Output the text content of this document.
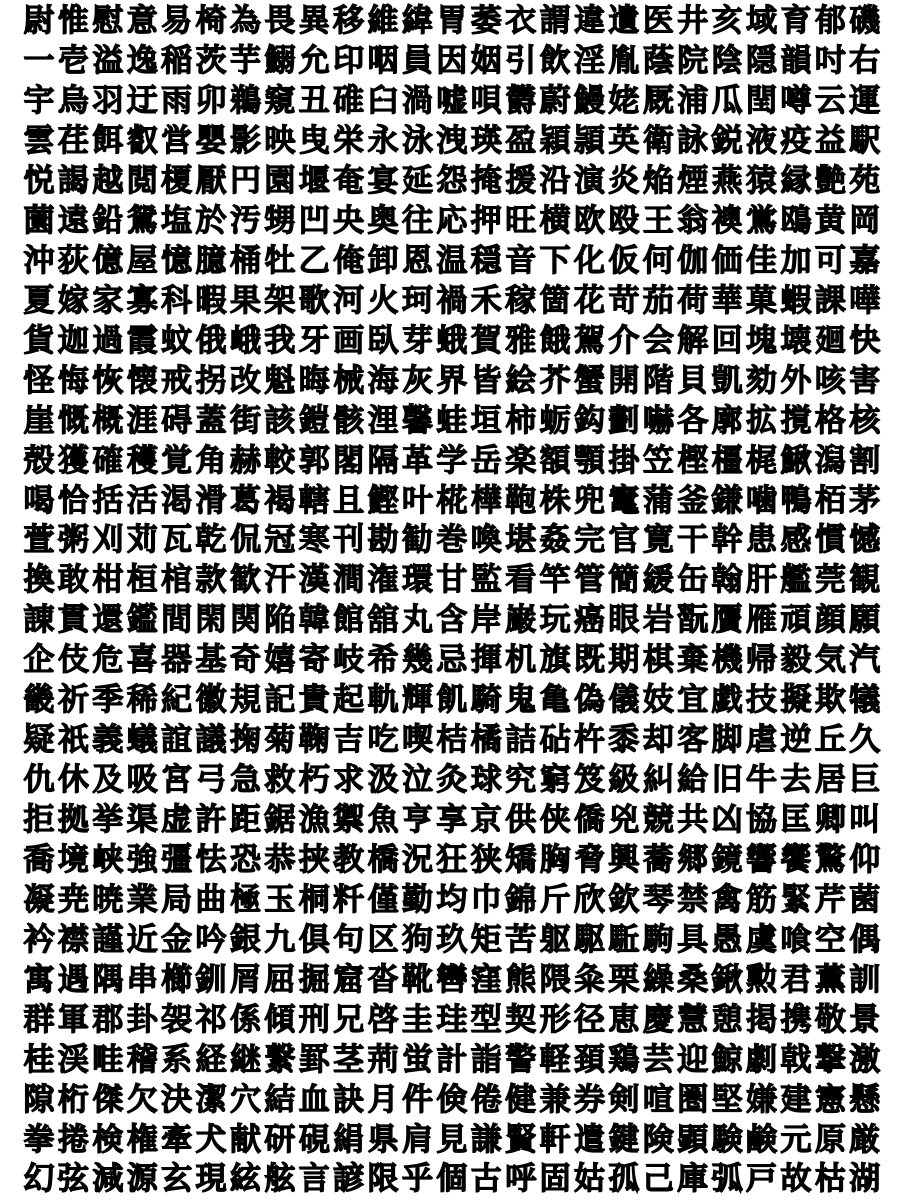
尉 惟 慰 意 易 椅 為 畏 異 移 維 緯 胃 萎 衣 謂 違 遺 医 井 亥 域 育 郁 磯
一 壱 溢 逸 稲 茨 芋 鰯 允 印 咽 員 因 姻 引 飲 淫 胤 蔭 院 陰 隠 韻 吋 右
宇 烏 羽 迂 雨 卯 鵜 窺 丑 碓 臼 渦 嘘 唄 欝 蔚 鰻 姥 厩 浦 瓜 閏 噂 云 運
雲 荏 餌 叡 営 嬰 影 映 曳 栄 永 泳 洩 瑛 盈 穎 頴 英 衛 詠 鋭 液 疫 益 駅
悦 謁 越 閲 榎 厭 円 園 堰 奄 宴 延 怨 掩 援 沿 演 炎 焔 煙 燕 猿 縁 艶 苑
薗 遠 鉛 鴛 塩 於 汚 甥 凹 央 奥 往 応 押 旺 横 欧 殴 王 翁 襖 鴬 鴎 黄 岡
沖 荻 億 屋 憶 臆 桶 牡 乙 俺 卸 恩 温 穏 音 下 化 仮 何 伽 価 佳 加 可 嘉
夏 嫁 家 寡 科 暇 果 架 歌 河 火 珂 禍 禾 稼 箇 花 苛 茄 荷 華 菓 蝦 課 嘩
貨 迦 過 霞 蚊 俄 峨 我 牙 画 臥 芽 蛾 賀 雅 餓 駕 介 会 解 回 塊 壊 廻 快
怪 悔 恢 懐 戒 拐 改 魁 晦 械 海 灰 界 皆 絵 芥 蟹 開 階 貝 凱 劾 外 咳 害
崖 慨 概 涯 碍 蓋 街 該 鎧 骸 浬 馨 蛙 垣 柿 蛎 鈎 劃 嚇 各 廓 拡 撹 格 核
殻 獲 確 穫 覚 角 赫 較 郭 閣 隔 革 学 岳 楽 額 顎 掛 笠 樫 橿 梶 鰍 潟 割
喝 恰 括 活 渇 滑 葛 褐 轄 且 鰹 叶 椛 樺 鞄 株 兜 竃 蒲 釜 鎌 噛 鴨 栢 茅
萱 粥 刈 苅 瓦 乾 侃 冠 寒 刊 勘 勧 巻 喚 堪 姦 完 官 寛 干 幹 患 感 慣 憾
換 敢 柑 桓 棺 款 歓 汗 漢 澗 潅 環 甘 監 看 竿 管 簡 緩 缶 翰 肝 艦 莞 観
諌 貫 還 鑑 間 閑 関 陥 韓 館 舘 丸 含 岸 巌 玩 癌 眼 岩 翫 贋 雁 頑 顔 願
企 伎 危 喜 器 基 奇 嬉 寄 岐 希 幾 忌 揮 机 旗 既 期 棋 棄 機 帰 毅 気 汽
畿 祈 季 稀 紀 徽 規 記 貴 起 軌 輝 飢 騎 鬼 亀 偽 儀 妓 宜 戯 技 擬 欺 犠
疑 祇 義 蟻 誼 議 掬 菊 鞠 吉 吃 喫 桔 橘 詰 砧 杵 黍 却 客 脚 虐 逆 丘 久
仇 休 及 吸 宮 弓 急 救 朽 求 汲 泣 灸 球 究 窮 笈 級 糾 給 旧 牛 去 居 巨
拒 拠 挙 渠 虚 許 距 鋸 漁 禦 魚 亨 享 京 供 侠 僑 兇 競 共 凶 協 匡 卿 叫
喬 境 峡 強 彊 怯 恐 恭 挟 教 橋 況 狂 狭 矯 胸 脅 興 蕎 郷 鏡 響 饗 驚 仰
凝 尭 暁 業 局 曲 極 玉 桐 粁 僅 勤 均 巾 錦 斤 欣 欽 琴 禁 禽 筋 緊 芹 菌
衿 襟 謹 近 金 吟 銀 九 倶 句 区 狗 玖 矩 苦 躯 駆 駈 駒 具 愚 虞 喰 空 偶
寓 遇 隅 串 櫛 釧 屑 屈 掘 窟 沓 靴 轡 窪 熊 隈 粂 栗 繰 桑 鍬 勲 君 薫 訓
群 軍 郡 卦 袈 祁 係 傾 刑 兄 啓 圭 珪 型 契 形 径 恵 慶 慧 憩 掲 携 敬 景
桂 渓 畦 稽 系 経 継 繋 罫 茎 荊 蛍 計 詣 警 軽 頚 鶏 芸 迎 鯨 劇 戟 撃 激
隙 桁 傑 欠 決 潔 穴 結 血 訣 月 件 倹 倦 健 兼 券 剣 喧 圏 堅 嫌 建 憲 懸
拳 捲 検 権 牽 犬 献 研 硯 絹 県 肩 見 謙 賢 軒 遣 鍵 険 顕 験 鹸 元 原 厳
幻 弦 減 源 玄 現 絃 舷 言 諺 限 乎 個 古 呼 固 姑 孤 己 庫 弧 戸 故 枯 湖
